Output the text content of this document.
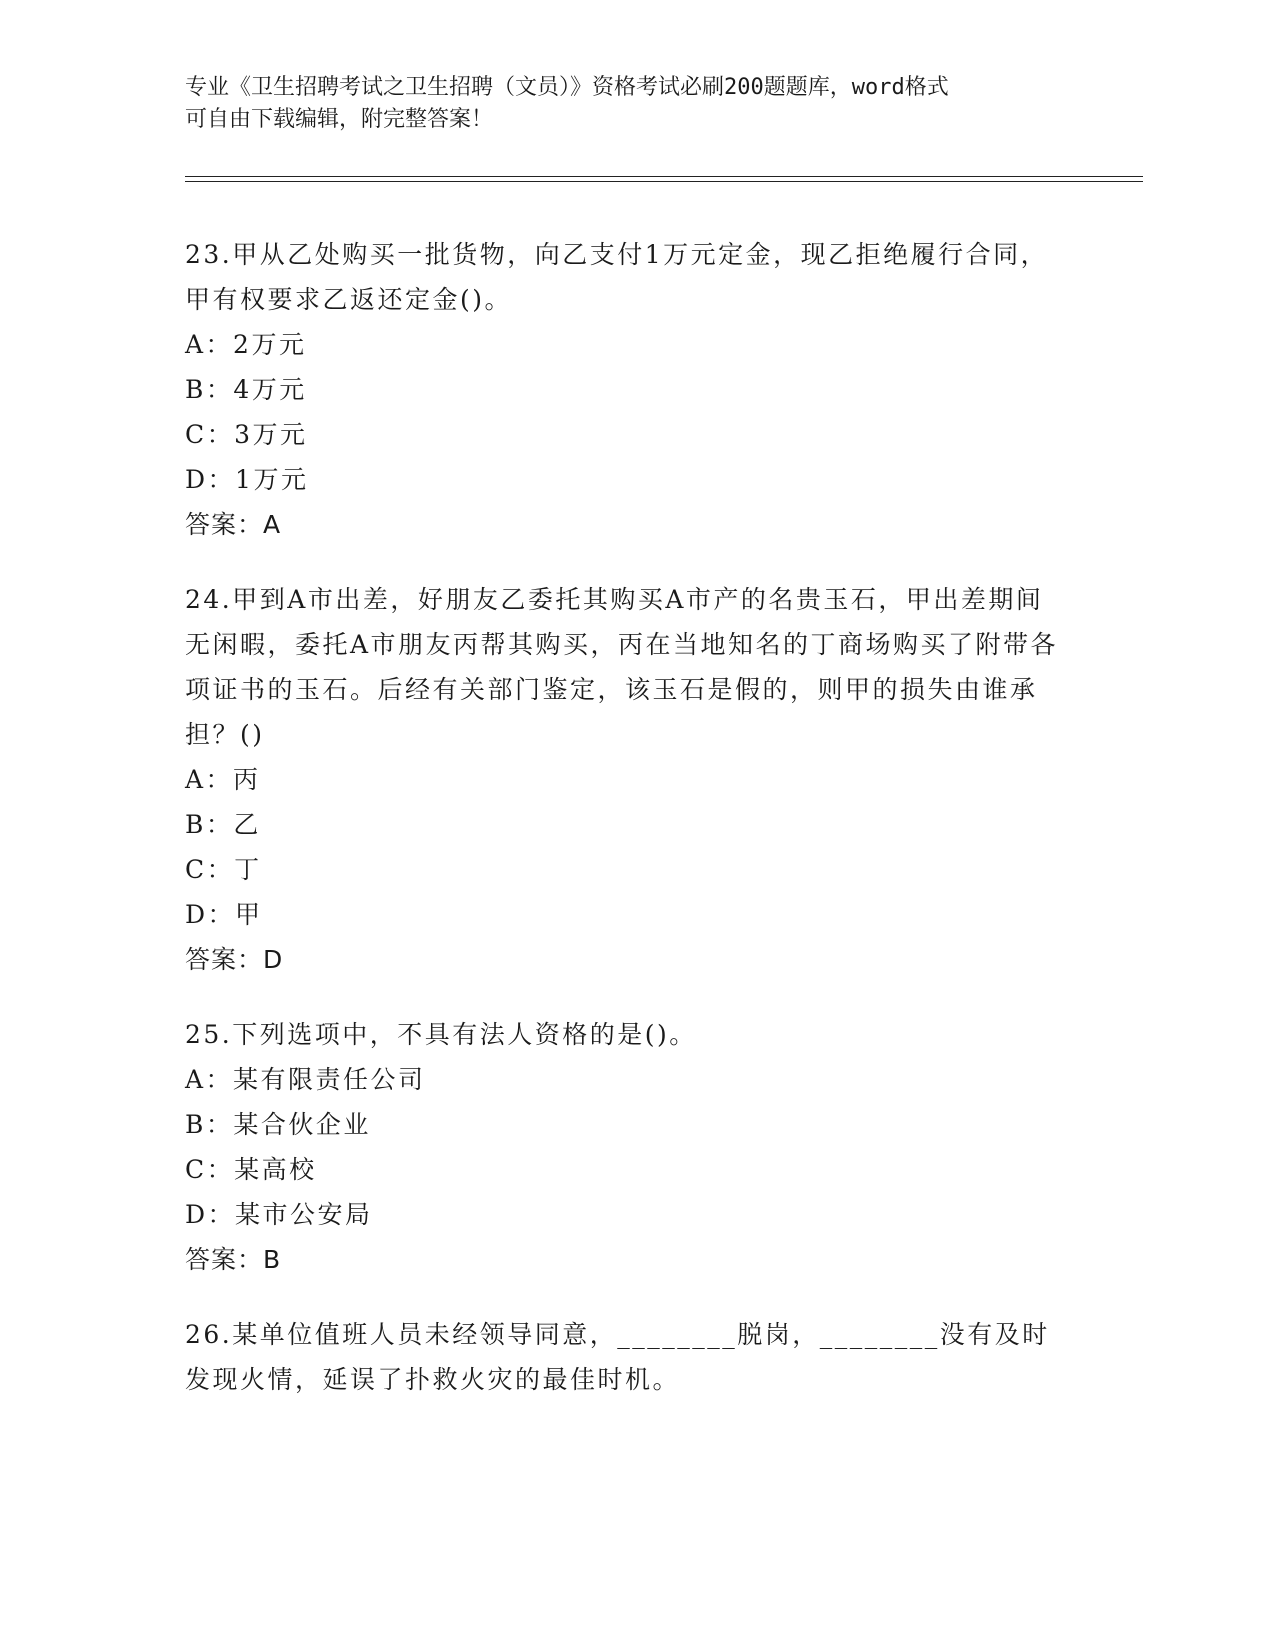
专业《卫生招聘考试之卫生招聘（文员）》资格考试必刷200题题库，word格式
可自由下载编辑，附完整答案！

23.甲从乙处购买一批货物，向乙支付1万元定金，现乙拒绝履行合同，甲有权要求乙返还定金()。

A：2万元

B：4万元

C：3万元

D：1万元

答案：A

24.甲到A市出差，好朋友乙委托其购买A市产的名贵玉石，甲出差期间无闲暇，委托A市朋友丙帮其购买，丙在当地知名的丁商场购买了附带各项证书的玉石。后经有关部门鉴定，该玉石是假的，则甲的损失由谁承担？()

A：丙

B：乙

C：丁

D：甲

答案：D

25.下列选项中，不具有法人资格的是()。

A：某有限责任公司

B：某合伙企业

C：某高校

D：某市公安局

答案：B

26.某单位值班人员未经领导同意，________脱岗，________没有及时发现火情，延误了扑救火灾的最佳时机。
